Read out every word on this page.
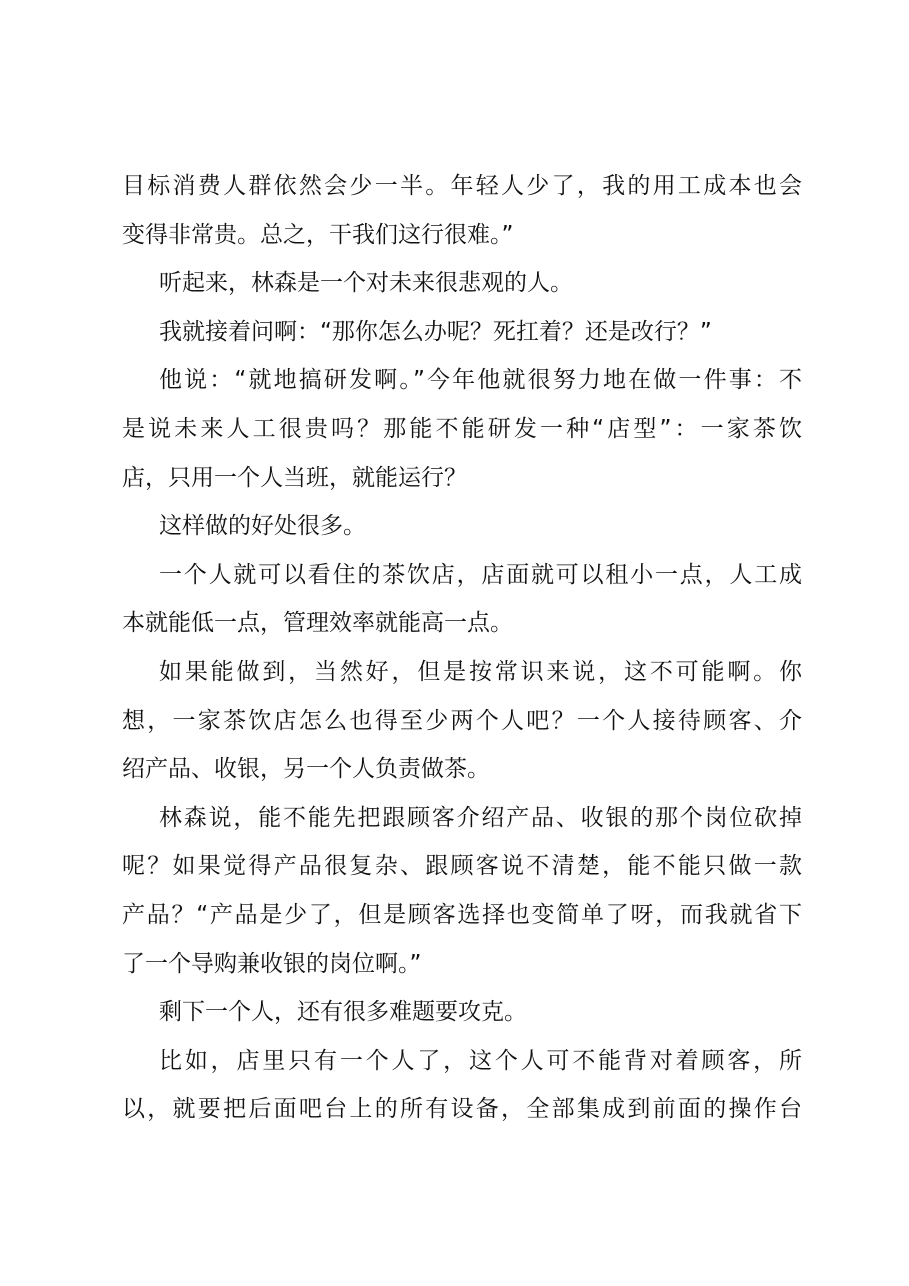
目标消费人群依然会少一半。年轻人少了，我的用工成本也会
变得非常贵。总之，干我们这行很难。”
听起来，林森是一个对未来很悲观的人。
我就接着问啊：“那你怎么办呢？死扛着？还是改行？”
他说：“就地搞研发啊。”今年他就很努力地在做一件事：不
是说未来人工很贵吗？那能不能研发一种“店型”：一家茶饮
店，只用一个人当班，就能运行？
这样做的好处很多。
一个人就可以看住的茶饮店，店面就可以租小一点，人工成
本就能低一点，管理效率就能高一点。
如果能做到，当然好，但是按常识来说，这不可能啊。你
想，一家茶饮店怎么也得至少两个人吧？一个人接待顾客、介
绍产品、收银，另一个人负责做茶。
林森说，能不能先把跟顾客介绍产品、收银的那个岗位砍掉
呢？如果觉得产品很复杂、跟顾客说不清楚，能不能只做一款
产品？“产品是少了，但是顾客选择也变简单了呀，而我就省下
了一个导购兼收银的岗位啊。”
剩下一个人，还有很多难题要攻克。
比如，店里只有一个人了，这个人可不能背对着顾客，所
以，就要把后面吧台上的所有设备，全部集成到前面的操作台
